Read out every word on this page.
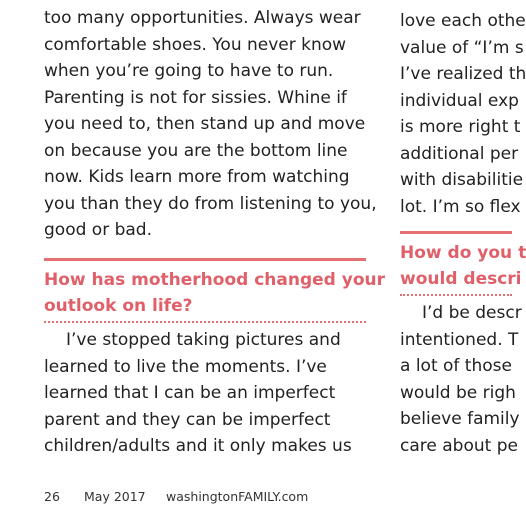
too many opportunities. Always wear
comfortable shoes. You never know
when you’re going to have to run.
Parenting is not for sissies. Whine if
you need to, then stand up and move
on because you are the bottom line
now. Kids learn more from watching
you than they do from listening to you,
good or bad.
How has motherhood changed your
outlook on life?
I’ve stopped taking pictures and
learned to live the moments. I’ve
learned that I can be an imperfect
parent and they can be imperfect
children/adults and it only makes us
love each othe
value of “I’m s
I’ve realized th
individual exp
is more right t
additional per
with disabilitie
lot. I’m so flex
How do you t
would descri
I’d be descr
intentioned. T
a lot of those
would be righ
believe family
care about pe
26 May 2017 washingtonFAMILY.com
